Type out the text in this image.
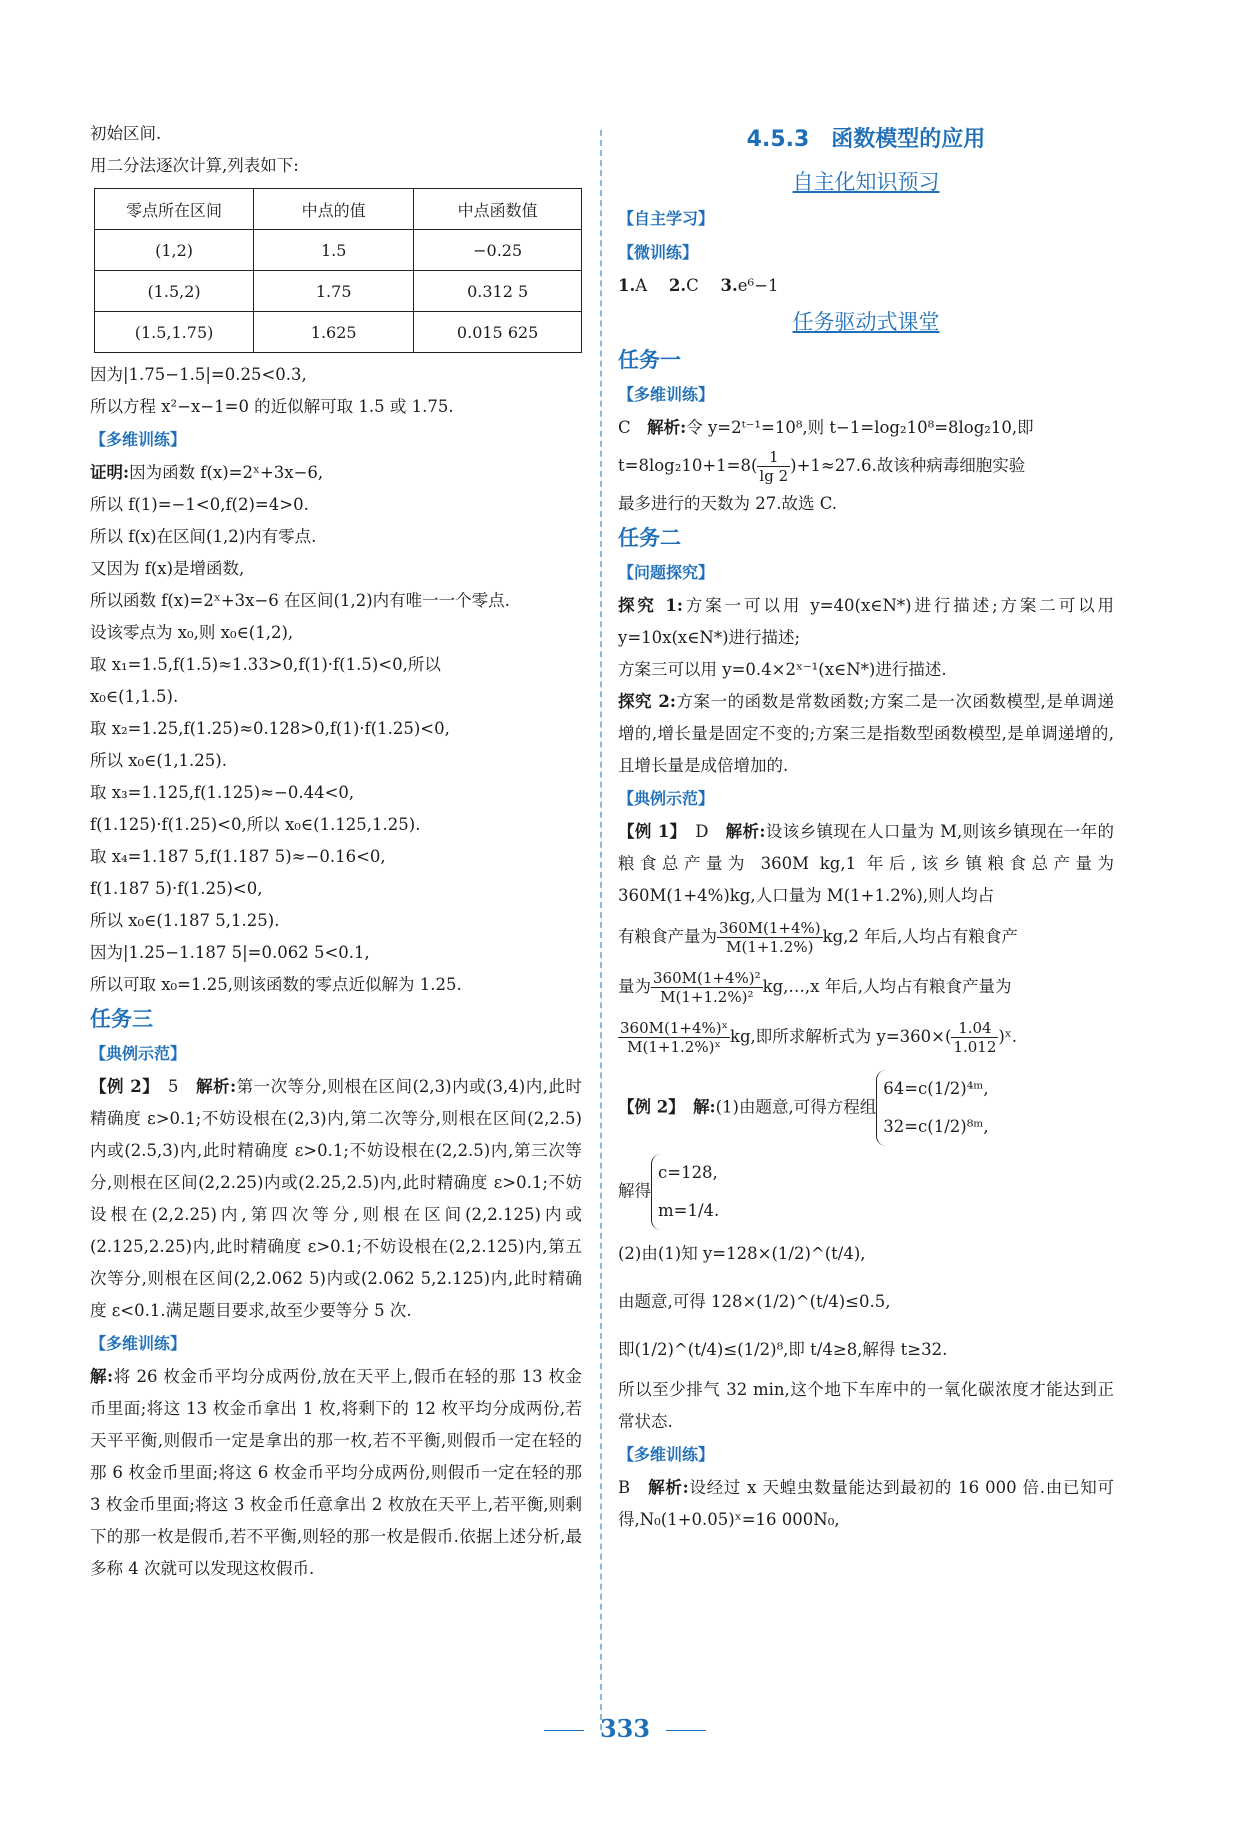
初始区间.
用二分法逐次计算,列表如下:
零点所在区间	中点的值	中点函数值
(1,2)	1.5	−0.25
(1.5,2)	1.75	0.312 5
(1.5,1.75)	1.625	0.015 625
因为|1.75−1.5|=0.25<0.3,
所以方程 x²−x−1=0 的近似解可取 1.5 或 1.75.
【多维训练】
证明:因为函数 f(x)=2ˣ+3x−6,
所以 f(1)=−1<0,f(2)=4>0.
所以 f(x)在区间(1,2)内有零点.
又因为 f(x)是增函数,
所以函数 f(x)=2ˣ+3x−6 在区间(1,2)内有唯一一个零点.
设该零点为 x₀,则 x₀∈(1,2),
取 x₁=1.5,f(1.5)≈1.33>0,f(1)·f(1.5)<0,所以
x₀∈(1,1.5).
取 x₂=1.25,f(1.25)≈0.128>0,f(1)·f(1.25)<0,
所以 x₀∈(1,1.25).
取 x₃=1.125,f(1.125)≈−0.44<0,
f(1.125)·f(1.25)<0,所以 x₀∈(1.125,1.25).
取 x₄=1.187 5,f(1.187 5)≈−0.16<0,
f(1.187 5)·f(1.25)<0,
所以 x₀∈(1.187 5,1.25).
因为|1.25−1.187 5|=0.062 5<0.1,
所以可取 x₀=1.25,则该函数的零点近似解为 1.25.
任务三
【典例示范】
【例 2】　 5　 解析:第一次等分,则根在区间(2,3)内或(3,4)内,此时精确度 ε>0.1;不妨设根在(2,3)内,第二次等分,则根在区间(2,2.5)内或(2.5,3)内,此时精确度 ε>0.1;不妨设根在(2,2.5)内,第三次等分,则根在区间(2,2.25)内或(2.25,2.5)内,此时精确度 ε>0.1;不妨设根在(2,2.25)内,第四次等分,则根在区间(2,2.125)内或(2.125,2.25)内,此时精确度 ε>0.1;不妨设根在(2,2.125)内,第五次等分,则根在区间(2,2.062 5)内或(2.062 5,2.125)内,此时精确度 ε<0.1.满足题目要求,故至少要等分 5 次.
【多维训练】
解:将 26 枚金币平均分成两份,放在天平上,假币在轻的那 13 枚金币里面;将这 13 枚金币拿出 1 枚,将剩下的 12 枚平均分成两份,若天平平衡,则假币一定是拿出的那一枚,若不平衡,则假币一定在轻的那 6 枚金币里面;将这 6 枚金币平均分成两份,则假币一定在轻的那 3 枚金币里面;将这 3 枚金币任意拿出 2 枚放在天平上,若平衡,则剩下的那一枚是假币,若不平衡,则轻的那一枚是假币.依据上述分析,最多称 4 次就可以发现这枚假币.
4.5.3　函数模型的应用
自主化知识预习
【自主学习】
【微训练】
1.A　 2.C　 3.e⁶−1
任务驱动式课堂
任务一
【多维训练】
C　 解析:令 y=2ᵗ⁻¹=10⁸,则 t−1=log₂10⁸=8log₂10,即
$t=8\log_210+1=8( \frac{1}{\lg 2} )+1\approx 27.6$.故该种病毒细胞实验
最多进行的天数为 27.故选 C.
任务二
【问题探究】
探究 1:方案一可以用 y=40(x∈N*)进行描述;方案二可以用 y=10x(x∈N*)进行描述;
方案三可以用 y=0.4×2ˣ⁻¹(x∈N*)进行描述.
探究 2:方案一的函数是常数函数;方案二是一次函数模型,是单调递增的,增长量是固定不变的;方案三是指数型函数模型,是单调递增的,且增长量是成倍增加的.
【典例示范】
【例 1】　 D　 解析:设该乡镇现在人口量为 M,则该乡镇现在一年的粮食总产量为 360M kg,1 年后,该乡镇粮食总产量为 360M(1+4%)kg,人口量为 M(1+1.2%),则人均占
有粮食产量为 $\frac{360M(1+4\%)}{M(1+1.2\%)} kg,2$ 年后,人均占有粮食产
量为 $\frac{\text{360M(1+4\%)²}}{\text{M(1+1.2\%)²}}$ kg,…,x 年后,人均占有粮食产量为
$\frac{\text{360M(1+4\%)ˣ}}{\text{M(1+1.2\%)ˣ}}$ kg,即所求解析式为 $y=360\times( \frac{1.04}{1.012}$ )ˣ.
【例 2】　 解:(1)由题意,可得方程组
64=c(1/2)⁴ᵐ,
32=c(1/2)⁸ᵐ,
解得
c=128,
m=1/4.
(2)由(1)知 y=128×(1/2)^(t/4),
由题意,可得 128×(1/2)^(t/4)≤0.5,
即(1/2)^(t/4)≤(1/2)⁸,即 t/4≥8,解得 t≥32.
所以至少排气 32 min,这个地下车库中的一氧化碳浓度才能达到正常状态.
【多维训练】
B　 解析:设经过 x 天蝗虫数量能达到最初的 16 000 倍.由已知可得,N₀(1+0.05)ˣ=16 000N₀,
333
